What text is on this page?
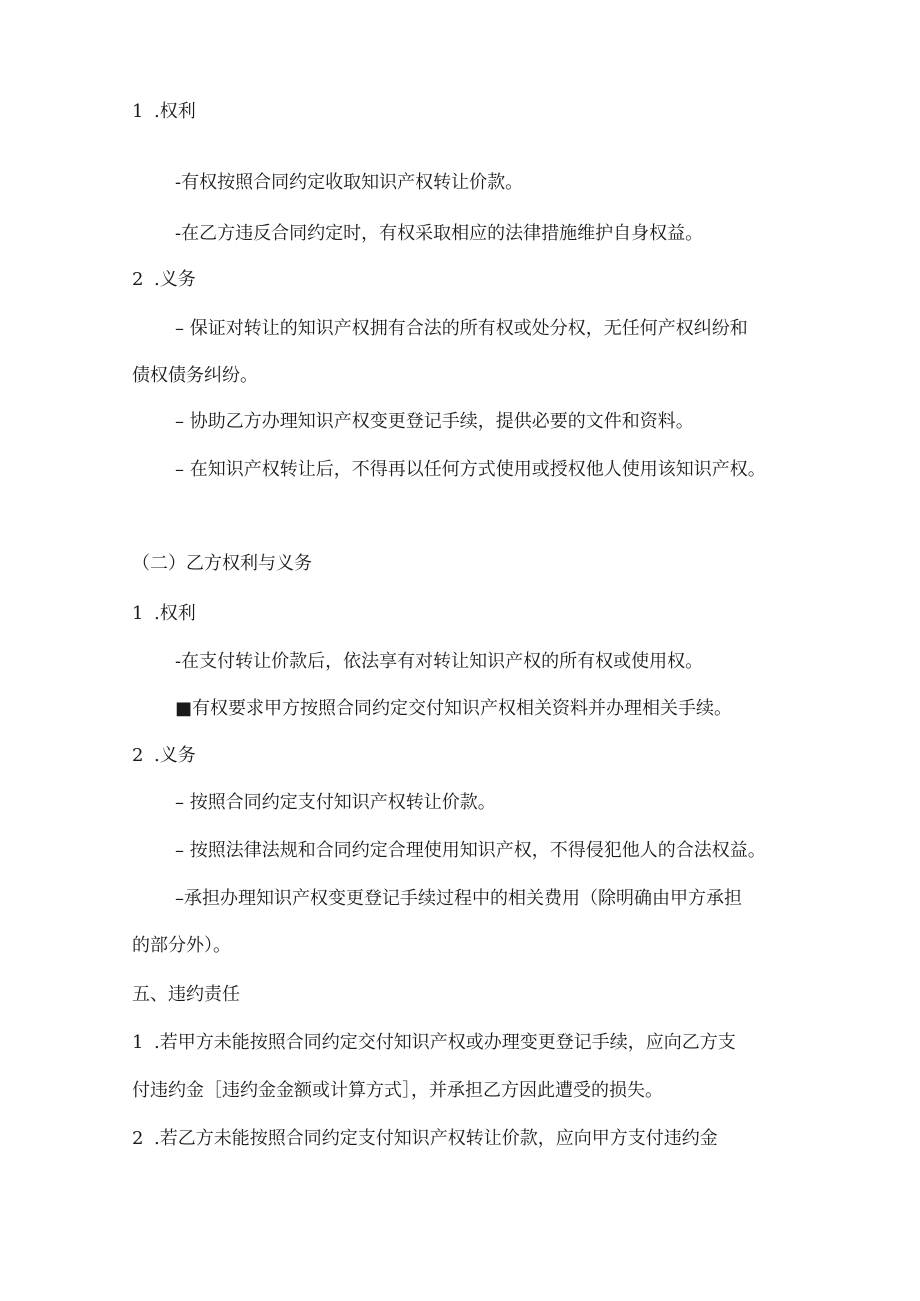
1 .权利
-有权按照合同约定收取知识产权转让价款。
-在乙方违反合同约定时，有权采取相应的法律措施维护自身权益。
2 .义务
– 保证对转让的知识产权拥有合法的所有权或处分权，无任何产权纠纷和
债权债务纠纷。
– 协助乙方办理知识产权变更登记手续，提供必要的文件和资料。
– 在知识产权转让后，不得再以任何方式使用或授权他人使用该知识产权。
（二）乙方权利与义务
1 .权利
-在支付转让价款后，依法享有对转让知识产权的所有权或使用权。
■有权要求甲方按照合同约定交付知识产权相关资料并办理相关手续。
2 .义务
– 按照合同约定支付知识产权转让价款。
– 按照法律法规和合同约定合理使用知识产权，不得侵犯他人的合法权益。
–承担办理知识产权变更登记手续过程中的相关费用（除明确由甲方承担
的部分外）。
五、违约责任
1 .若甲方未能按照合同约定交付知识产权或办理变更登记手续，应向乙方支
付违约金［违约金金额或计算方式］，并承担乙方因此遭受的损失。
2 .若乙方未能按照合同约定支付知识产权转让价款，应向甲方支付违约金
